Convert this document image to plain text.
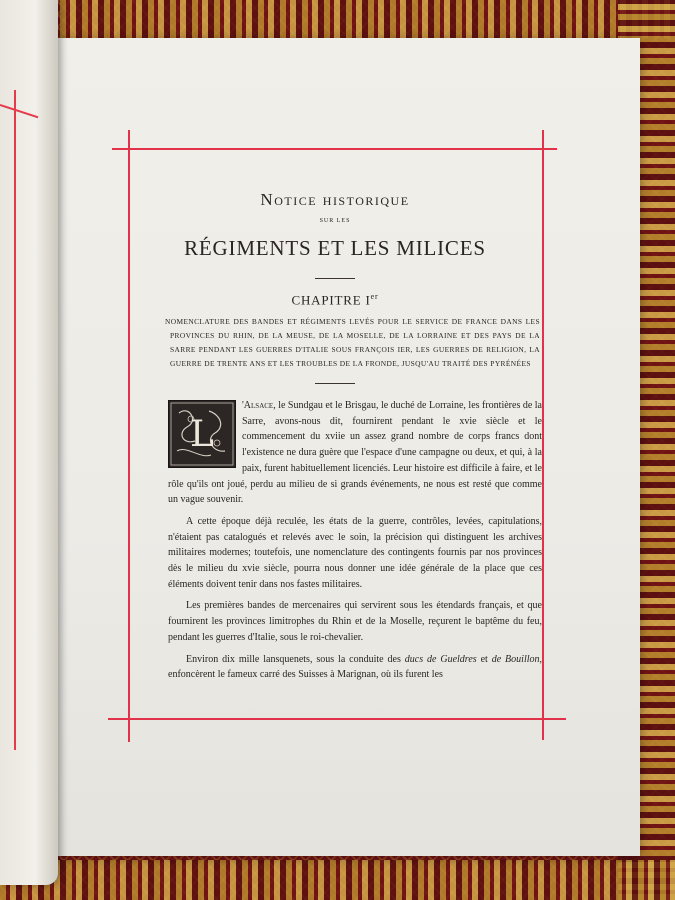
Notice historique
SUR LES
RÉGIMENTS ET LES MILICES
CHAPITRE Ier
NOMENCLATURE DES BANDES ET RÉGIMENTS LEVÉS POUR LE SERVICE DE FRANCE DANS LES PROVINCES DU RHIN, DE LA MEUSE, DE LA MOSELLE, DE LA LORRAINE ET DES PAYS DE LA SARRE PENDANT LES GUERRES D'ITALIE SOUS FRANÇOIS IER, LES GUERRES DE RELIGION, LA GUERRE DE TRENTE ANS ET LES TROUBLES DE LA FRONDE, JUSQU'AU TRAITÉ DES PYRÉNÉES

L
'Alsace, le Sundgau et le Brisgau, le duché de Lorraine, les frontières de la Sarre, avons-nous dit, fournirent pendant le xvie siècle et le commencement du xviie un assez grand nombre de corps francs dont l'existence ne dura guère que l'espace d'une campagne ou deux, et qui, à la paix, furent habituellement licenciés. Leur histoire est difficile à faire, et le rôle qu'ils ont joué, perdu au milieu de si grands événements, ne nous est resté que comme un vague souvenir.

A cette époque déjà reculée, les états de la guerre, contrôles, levées, capitulations, n'étaient pas catalogués et relevés avec le soin, la précision qui distinguent les archives militaires modernes; toutefois, une nomenclature des contingents fournis par nos provinces dès le milieu du xvie siècle, pourra nous donner une idée générale de la place que ces éléments doivent tenir dans nos fastes militaires.

Les premières bandes de mercenaires qui servirent sous les étendards français, et que fournirent les provinces limitrophes du Rhin et de la Moselle, reçurent le baptême du feu, pendant les guerres d'Italie, sous le roi-chevalier.

Environ dix mille lansquenets, sous la conduite des ducs de Gueldres et de Bouillon, enfoncèrent le fameux carré des Suisses à Marignan, où ils furent les
